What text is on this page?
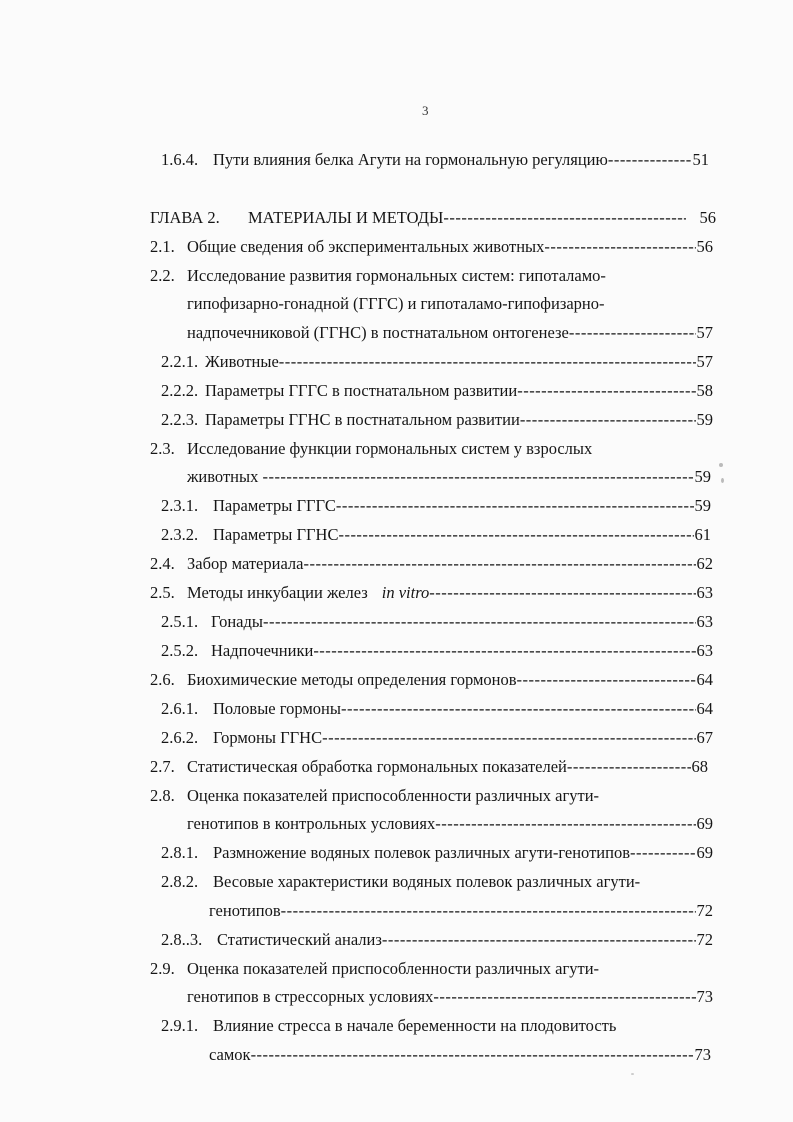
3
1.6.4. Пути влияния белка Агути на гормональную регуляцию -----	51
ГЛАВА 2.	МАТЕРИАЛЫ И МЕТОДЫ -----	56
2.1. Общие сведения об экспериментальных животных -----	56
2.2. Исследование развития гормональных систем: гипоталамо-
гипофизарно-гонадной (ГГГС) и гипоталамо-гипофизарно-
надпочечниковой (ГГНС) в постнатальном онтогенезе -----	57
2.2.1. Животные -----	57
2.2.2. Параметры ГГГС в постнатальном развитии -----	58
2.2.3. Параметры ГГНС в постнатальном развитии -----	59
2.3. Исследование функции гормональных систем у взрослых
животных -----	59
2.3.1. Параметры ГГГС -----	59
2.3.2. Параметры ГГНС -----	61
2.4. Забор материала -----	62
2.5. Методы инкубации желез in vitro -----	63
2.5.1. Гонады -----	63
2.5.2. Надпочечники -----	63
2.6. Биохимические методы определения гормонов -----	64
2.6.1. Половые гормоны -----	64
2.6.2. Гормоны ГГНС -----	67
2.7. Статистическая обработка гормональных показателей -----	68
2.8. Оценка показателей приспособленности различных агути-
генотипов в контрольных условиях -----	69
2.8.1. Размножение водяных полевок различных агути-генотипов -----	69
2.8.2. Весовые характеристики водяных полевок различных агути-
генотипов -----	72
2.8..3. Статистический анализ -----	72
2.9. Оценка показателей приспособленности различных агути-
генотипов в стрессорных условиях -----	73
2.9.1. Влияние стресса в начале беременности на плодовитость
самок -----	73
